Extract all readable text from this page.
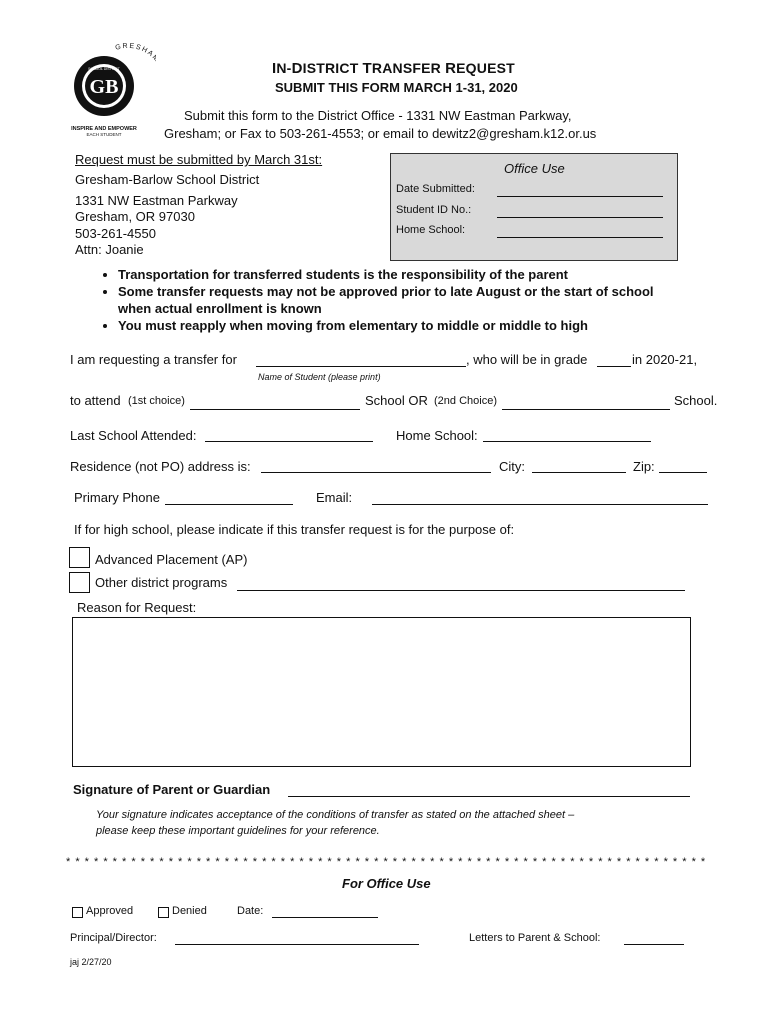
GB
GRESHA
INSPIRE AND EMPOWER
EACH STUDENT
SCHOOL DISTRICT	IN-DISTRICT TRANSFER REQUEST
SUBMIT THIS FORM MARCH 1-31, 2020
Submit this form to the District Office - 1331 NW Eastman Parkway,
Gresham; or Fax to 503-261-4553; or email to dewitz2@gresham.k12.or.us
Request must be submitted by March 31st:
Gresham-Barlow School District
1331 NW Eastman Parkway
Gresham, OR 97030
503-261-4550
Attn: Joanie
Office Use
Date Submitted:
Student ID No.:
Home School:
• Transportation for transferred students is the responsibility of the parent
• Some transfer requests may not be approved prior to late August or the start of school when actual enrollment is known
• You must reapply when moving from elementary to middle or middle to high
I am requesting a transfer for	, who will be in grade	in 2020-21,
Name of Student (please print)
to attend (1st choice)	School OR (2nd Choice)	School.
Last School Attended:	Home School:
Residence (not PO) address is:	City:	Zip:
Primary Phone	Email:
If for high school, please indicate if this transfer request is for the purpose of:
Advanced Placement (AP)
Other district programs
Reason for Request:
Signature of Parent or Guardian
Your signature indicates acceptance of the conditions of transfer as stated on the attached sheet –
please keep these important guidelines for your reference.
* * * * * * * * * * * * * * * * * * * * * * * * * * * * * * * * * * * * * * * * * * * * * * * * * * * * * * * * * * * * * * * * * * * * *
For Office Use
Approved	Denied	Date:
Principal/Director:	Letters to Parent & School:
jaj 2/27/20
